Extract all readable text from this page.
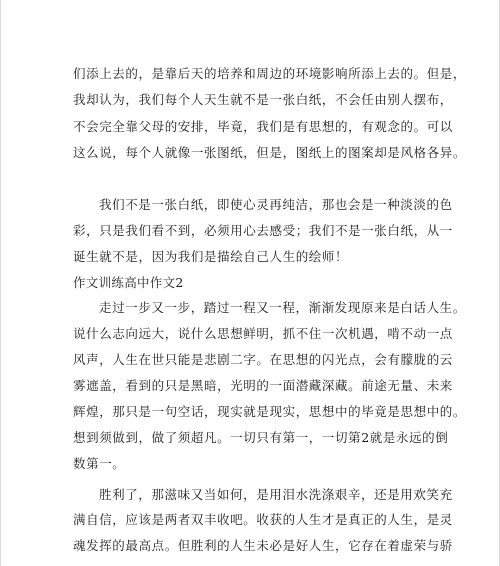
们添上去的，是靠后天的培养和周边的环境影响所添上去的。但是，
我却认为，我们每个人天生就不是一张白纸，不会任由别人摆布，
不会完全靠父母的安排，毕竟，我们是有思想的，有观念的。可以
这么说，每个人就像一张图纸，但是，图纸上的图案却是风格各异。
我们不是一张白纸，即使心灵再纯洁，那也会是一种淡淡的色
彩，只是我们看不到，必须用心去感受；我们不是一张白纸，从一
诞生就不是，因为我们是描绘自己人生的绘师！
作文训练高中作文2
走过一步又一步，踏过一程又一程，渐渐发现原来是白话人生。
说什么志向远大，说什么思想鲜明，抓不住一次机遇，啃不动一点
风声，人生在世只能是悲剧二字。在思想的闪光点，会有朦胧的云
雾遮盖，看到的只是黑暗，光明的一面潜藏深藏。前途无量、未来
辉煌，那只是一句空话，现实就是现实，思想中的毕竟是思想中的。
想到须做到，做了须超凡。一切只有第一，一切第2就是永远的倒
数第一。
胜利了，那滋味又当如何，是用泪水洗涤艰辛，还是用欢笑充
满自信，应该是两者双丰收吧。收获的人生才是真正的人生，是灵
魂发挥的最高点。但胜利的人生未必是好人生，它存在着虚荣与骄
